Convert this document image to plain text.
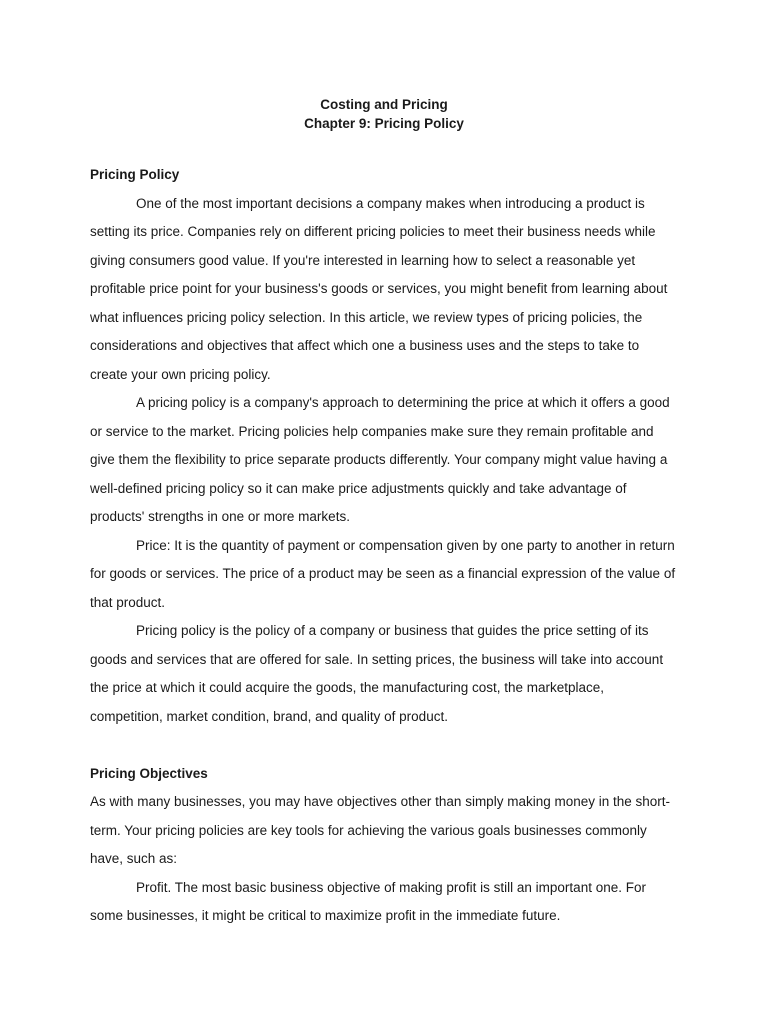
Costing and Pricing
Chapter 9: Pricing Policy

Pricing Policy

One of the most important decisions a company makes when introducing a product is setting its price. Companies rely on different pricing policies to meet their business needs while giving consumers good value. If you're interested in learning how to select a reasonable yet profitable price point for your business's goods or services, you might benefit from learning about what influences pricing policy selection. In this article, we review types of pricing policies, the considerations and objectives that affect which one a business uses and the steps to take to create your own pricing policy.

A pricing policy is a company's approach to determining the price at which it offers a good or service to the market. Pricing policies help companies make sure they remain profitable and give them the flexibility to price separate products differently. Your company might value having a well-defined pricing policy so it can make price adjustments quickly and take advantage of products' strengths in one or more markets.

Price: It is the quantity of payment or compensation given by one party to another in return for goods or services. The price of a product may be seen as a financial expression of the value of that product.

Pricing policy is the policy of a company or business that guides the price setting of its goods and services that are offered for sale. In setting prices, the business will take into account the price at which it could acquire the goods, the manufacturing cost, the marketplace, competition, market condition, brand, and quality of product.

Pricing Objectives

As with many businesses, you may have objectives other than simply making money in the short-term. Your pricing policies are key tools for achieving the various goals businesses commonly have, such as:

Profit. The most basic business objective of making profit is still an important one. For some businesses, it might be critical to maximize profit in the immediate future.
